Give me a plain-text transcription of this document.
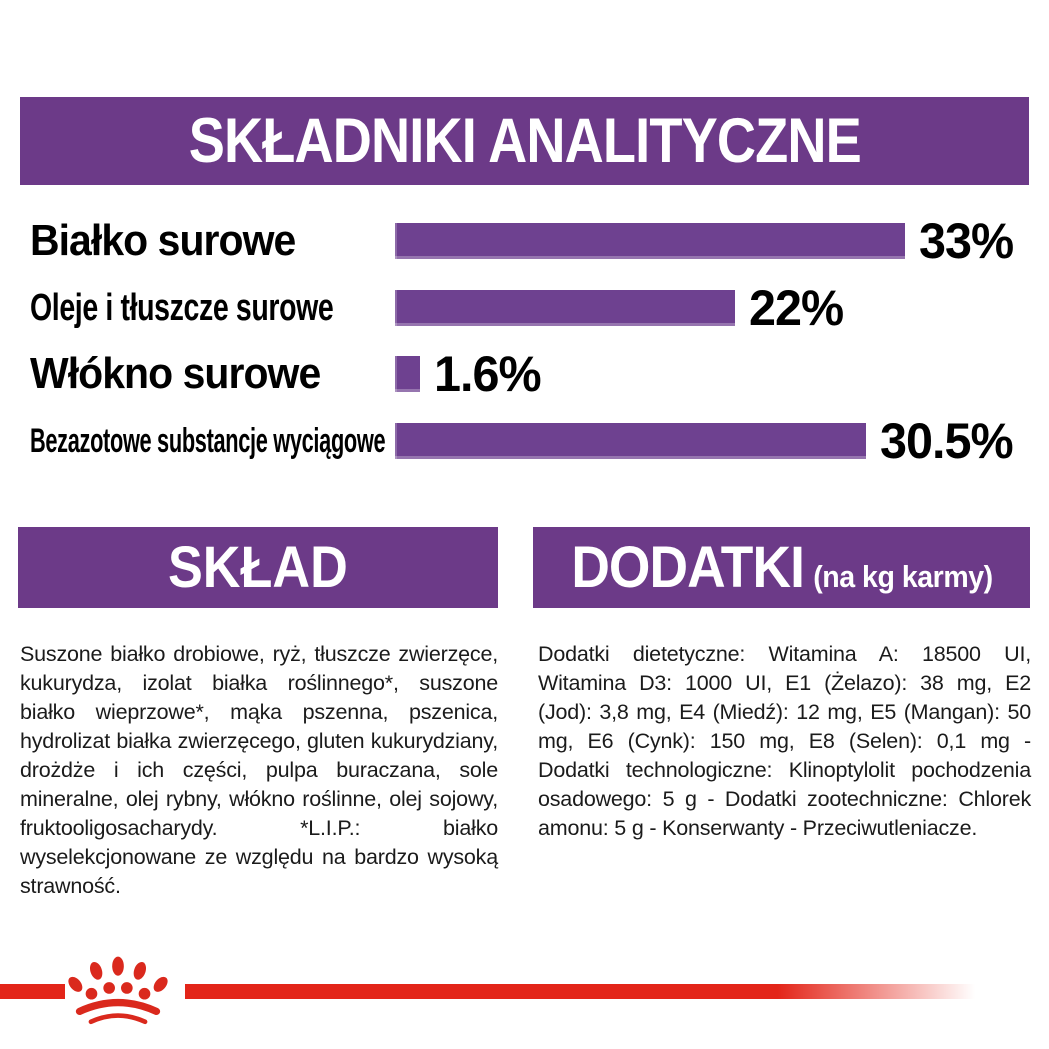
SKŁADNIKI ANALITYCZNE
Białko surowe	33%
Oleje i tłuszcze surowe	22%
Włókno surowe 1.6%
Bezazotowe substancje wyciągowe	30.5%
SKŁAD

Suszone białko drobiowe, ryż, tłuszcze zwierzęce, kukurydza, izolat białka roślinnego*, suszone białko wieprzowe*, mąka pszenna, pszenica, hydrolizat białka zwierzęcego, gluten kukurydziany, drożdże i ich części, pulpa buraczana, sole mineralne, olej rybny, włókno roślinne, olej sojowy, fruktooligosacharydy. *L.I.P.: białko wyselekcjonowane ze względu na bardzo wysoką strawność.

DODATKI (na kg karmy)

Dodatki dietetyczne: Witamina A: 18500 UI, Witamina D3: 1000 UI, E1 (Żelazo): 38 mg, E2 (Jod): 3,8 mg, E4 (Miedź): 12 mg, E5 (Mangan): 50 mg, E6 (Cynk): 150 mg, E8 (Selen): 0,1 mg - Dodatki technologiczne: Klinoptylolit pochodzenia osadowego: 5 g - Dodatki zootechniczne: Chlorek amonu: 5 g - Konserwanty - Przeciwutleniacze.
